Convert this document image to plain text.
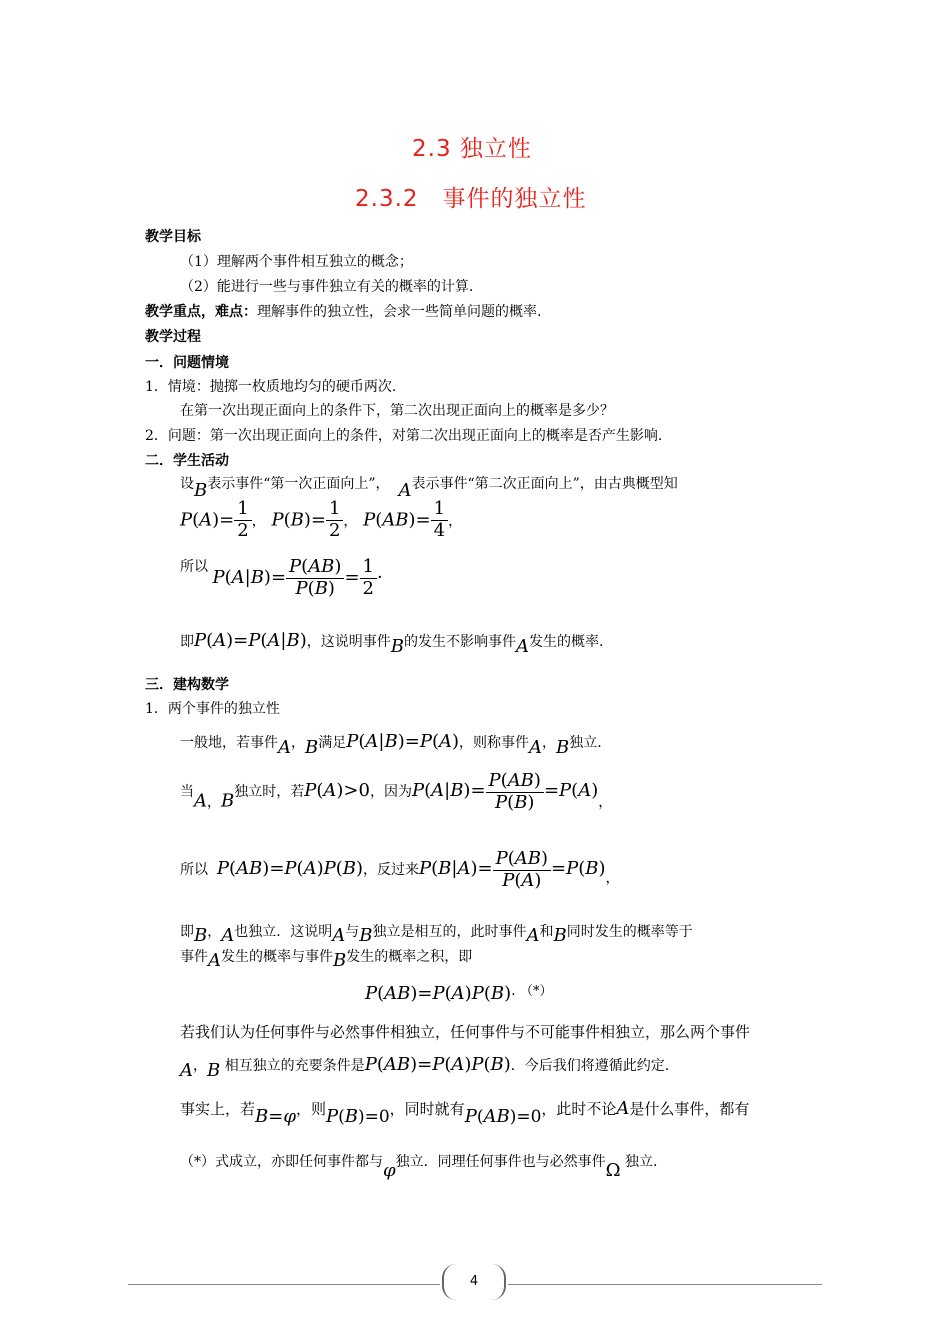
2.3 独立性
2.3.2　事件的独立性
教学目标
（1）理解两个事件相互独立的概念；
（2）能进行一些与事件独立有关的概率的计算.
教学重点，难点：理解事件的独立性，会求一些简单问题的概率.
教学过程
一．问题情境
1．情境：抛掷一枚质地均匀的硬币两次.
在第一次出现正面向上的条件下，第二次出现正面向上的概率是多少？
2．问题：第一次出现正面向上的条件，对第二次出现正面向上的概率是否产生影响.
二．学生活动
设B表示事件“第一次正面向上”， A表示事件“第二次正面向上”，由古典概型知
$P(A)= \frac{1}{2}$ ， $P(B)= \frac{1}{2}$ ， $P(AB)= \frac{1}{4}$ ，
所以 $P(A|B)= \frac{P(AB)}{P(B)} = \frac{1}{2}$ ·
即P(A)=P(A|B)，这说明事件B的发生不影响事件A发生的概率.
三．建构数学
1．两个事件的独立性
一般地，若事件A，B满足P(A|B)=P(A)，则称事件A，B独立.
当A，B独立时，若P(A)>0，因为$P(A|B)= \frac{P(AB)}{P(B)} =P(A)$，
所以 P(AB)=P(A)P(B)，反过来$P(B|A)= \frac{P(AB)}{P(A)} =P(B)$，
即B，A也独立．这说明A与B独立是相互的，此时事件A和B同时发生的概率等于
事件A发生的概率与事件B发生的概率之积，即
P(AB)=P(A)P(B)· （*）
若我们认为任何事件与必然事件相独立，任何事件与不可能事件相独立，那么两个事件
A，B 相互独立的充要条件是P(AB)=P(A)P(B)．今后我们将遵循此约定.
事实上，若B=φ，则P(B)=0，同时就有P(AB)=0，此时不论A是什么事件，都有
（*）式成立，亦即任何事件都与φ独立．同理任何事件也与必然事件Ω 独立.
4
